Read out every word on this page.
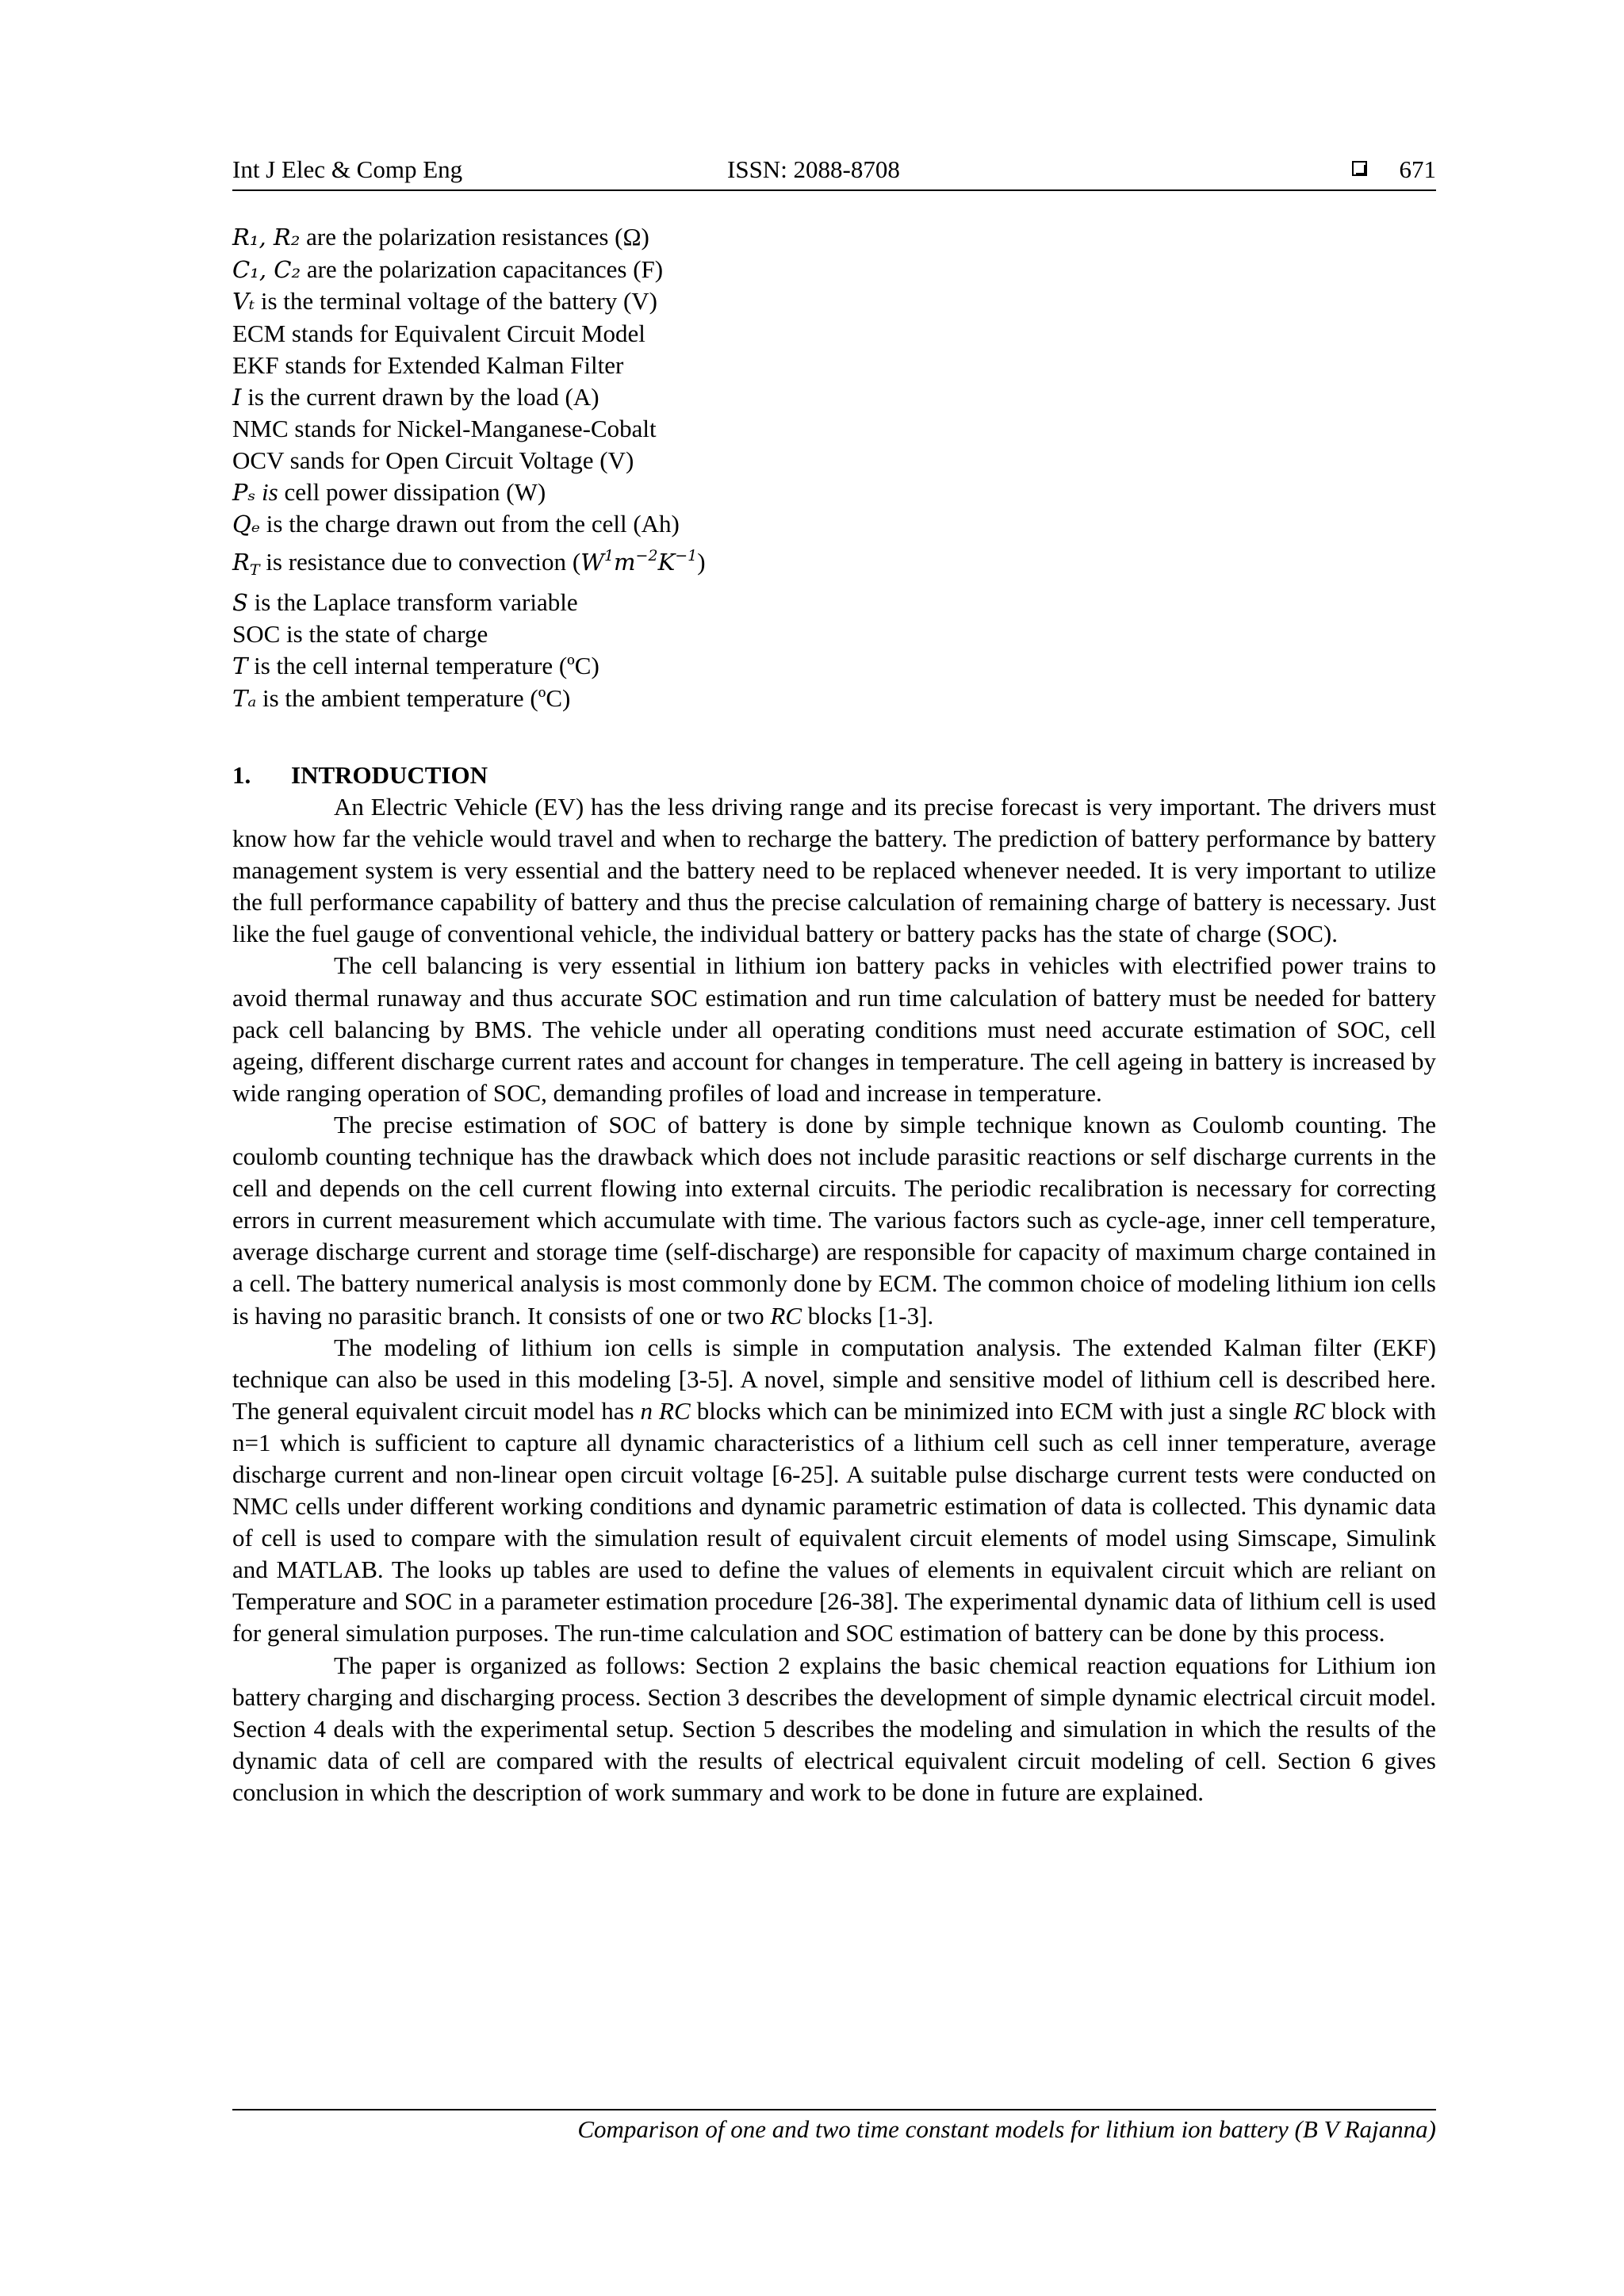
Int J Elec & Comp Eng	ISSN: 2088-8708	671
R₁, R₂ are the polarization resistances (Ω)
C₁, C₂ are the polarization capacitances (F)
Vₜ is the terminal voltage of the battery (V)
ECM stands for Equivalent Circuit Model
EKF stands for Extended Kalman Filter
I is the current drawn by the load (A)
NMC stands for Nickel-Manganese-Cobalt
OCV sands for Open Circuit Voltage (V)
Pₛ is cell power dissipation (W)
Qₑ is the charge drawn out from the cell (Ah)
$R_T$ is resistance due to convection $(W^1m^{-2}K^{-1})$
S is the Laplace transform variable
SOC is the state of charge
T is the cell internal temperature (ºC)
Tₐ is the ambient temperature (ºC)
1. INTRODUCTION

An Electric Vehicle (EV) has the less driving range and its precise forecast is very important. The drivers must know how far the vehicle would travel and when to recharge the battery. The prediction of battery performance by battery management system is very essential and the battery need to be replaced whenever needed. It is very important to utilize the full performance capability of battery and thus the precise calculation of remaining charge of battery is necessary. Just like the fuel gauge of conventional vehicle, the individual battery or battery packs has the state of charge (SOC).

The cell balancing is very essential in lithium ion battery packs in vehicles with electrified power trains to avoid thermal runaway and thus accurate SOC estimation and run time calculation of battery must be needed for battery pack cell balancing by BMS. The vehicle under all operating conditions must need accurate estimation of SOC, cell ageing, different discharge current rates and account for changes in temperature. The cell ageing in battery is increased by wide ranging operation of SOC, demanding profiles of load and increase in temperature.

The precise estimation of SOC of battery is done by simple technique known as Coulomb counting. The coulomb counting technique has the drawback which does not include parasitic reactions or self discharge currents in the cell and depends on the cell current flowing into external circuits. The periodic recalibration is necessary for correcting errors in current measurement which accumulate with time. The various factors such as cycle-age, inner cell temperature, average discharge current and storage time (self-discharge) are responsible for capacity of maximum charge contained in a cell. The battery numerical analysis is most commonly done by ECM. The common choice of modeling lithium ion cells is having no parasitic branch. It consists of one or two RC blocks [1-3].

The modeling of lithium ion cells is simple in computation analysis. The extended Kalman filter (EKF) technique can also be used in this modeling [3-5]. A novel, simple and sensitive model of lithium cell is described here. The general equivalent circuit model has n RC blocks which can be minimized into ECM with just a single RC block with n=1 which is sufficient to capture all dynamic characteristics of a lithium cell such as cell inner temperature, average discharge current and non-linear open circuit voltage [6-25]. A suitable pulse discharge current tests were conducted on NMC cells under different working conditions and dynamic parametric estimation of data is collected. This dynamic data of cell is used to compare with the simulation result of equivalent circuit elements of model using Simscape, Simulink and MATLAB. The looks up tables are used to define the values of elements in equivalent circuit which are reliant on Temperature and SOC in a parameter estimation procedure [26-38]. The experimental dynamic data of lithium cell is used for general simulation purposes. The run-time calculation and SOC estimation of battery can be done by this process.

The paper is organized as follows: Section 2 explains the basic chemical reaction equations for Lithium ion battery charging and discharging process. Section 3 describes the development of simple dynamic electrical circuit model. Section 4 deals with the experimental setup. Section 5 describes the modeling and simulation in which the results of the dynamic data of cell are compared with the results of electrical equivalent circuit modeling of cell. Section 6 gives conclusion in which the description of work summary and work to be done in future are explained.

Comparison of one and two time constant models for lithium ion battery (B V Rajanna)
